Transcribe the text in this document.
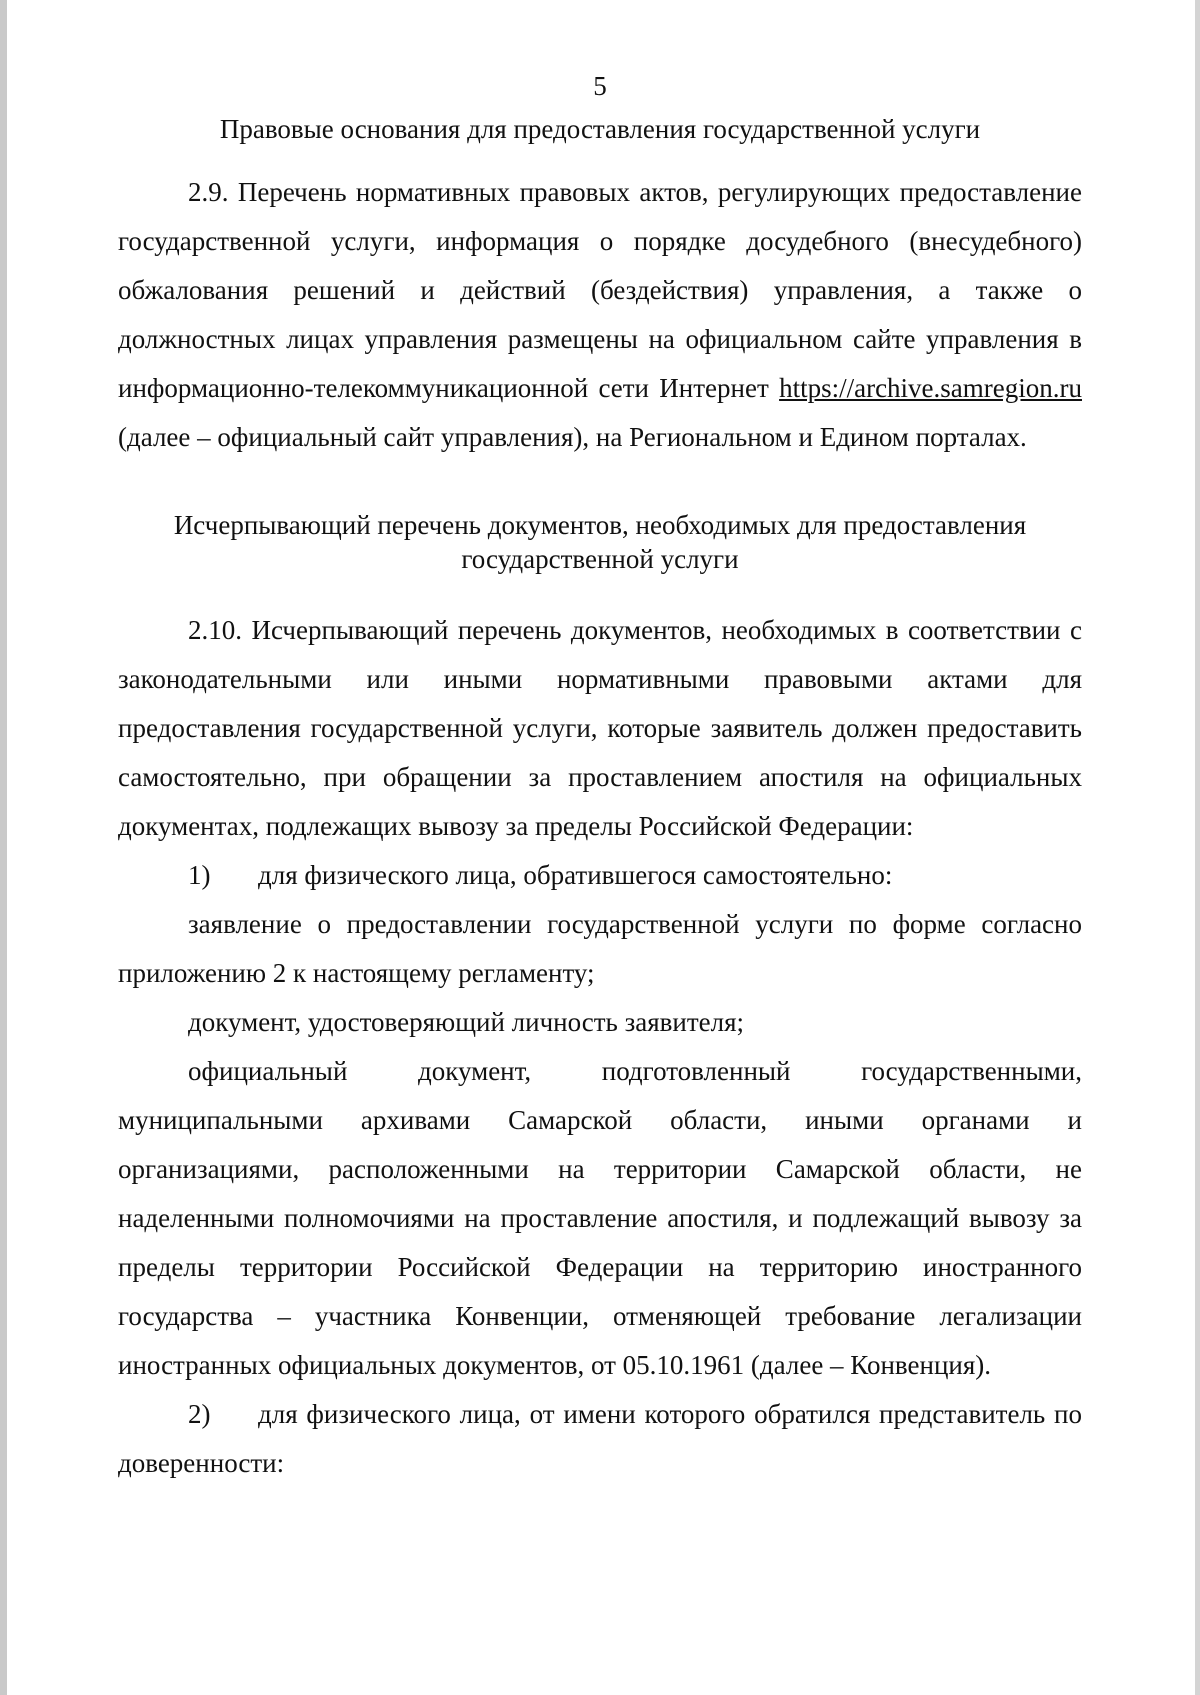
5

Правовые основания для предоставления государственной услуги

2.9. Перечень нормативных правовых актов, регулирующих предоставление государственной услуги, информация о порядке досудебного (внесудебного) обжалования решений и действий (бездействия) управления, а также о должностных лицах управления размещены на официальном сайте управления в информационно-телекоммуникационной сети Интернет https://archive.samregion.ru (далее – официальный сайт управления), на Региональном и Едином порталах.

Исчерпывающий перечень документов, необходимых для предоставления
государственной услуги

2.10. Исчерпывающий перечень документов, необходимых в соответствии с законодательными или иными нормативными правовыми актами для предоставления государственной услуги, которые заявитель должен предоставить самостоятельно, при обращении за проставлением апостиля на официальных документах, подлежащих вывозу за пределы Российской Федерации:

1) для физического лица, обратившегося самостоятельно:

заявление о предоставлении государственной услуги по форме согласно приложению 2 к настоящему регламенту;

документ, удостоверяющий личность заявителя;

официальный документ, подготовленный государственными, муниципальными архивами Самарской области, иными органами и организациями, расположенными на территории Самарской области, не наделенными полномочиями на проставление апостиля, и подлежащий вывозу за пределы территории Российской Федерации на территорию иностранного государства – участника Конвенции, отменяющей требование легализации иностранных официальных документов, от 05.10.1961 (далее – Конвенция).

2) для физического лица, от имени которого обратился представитель по доверенности:
